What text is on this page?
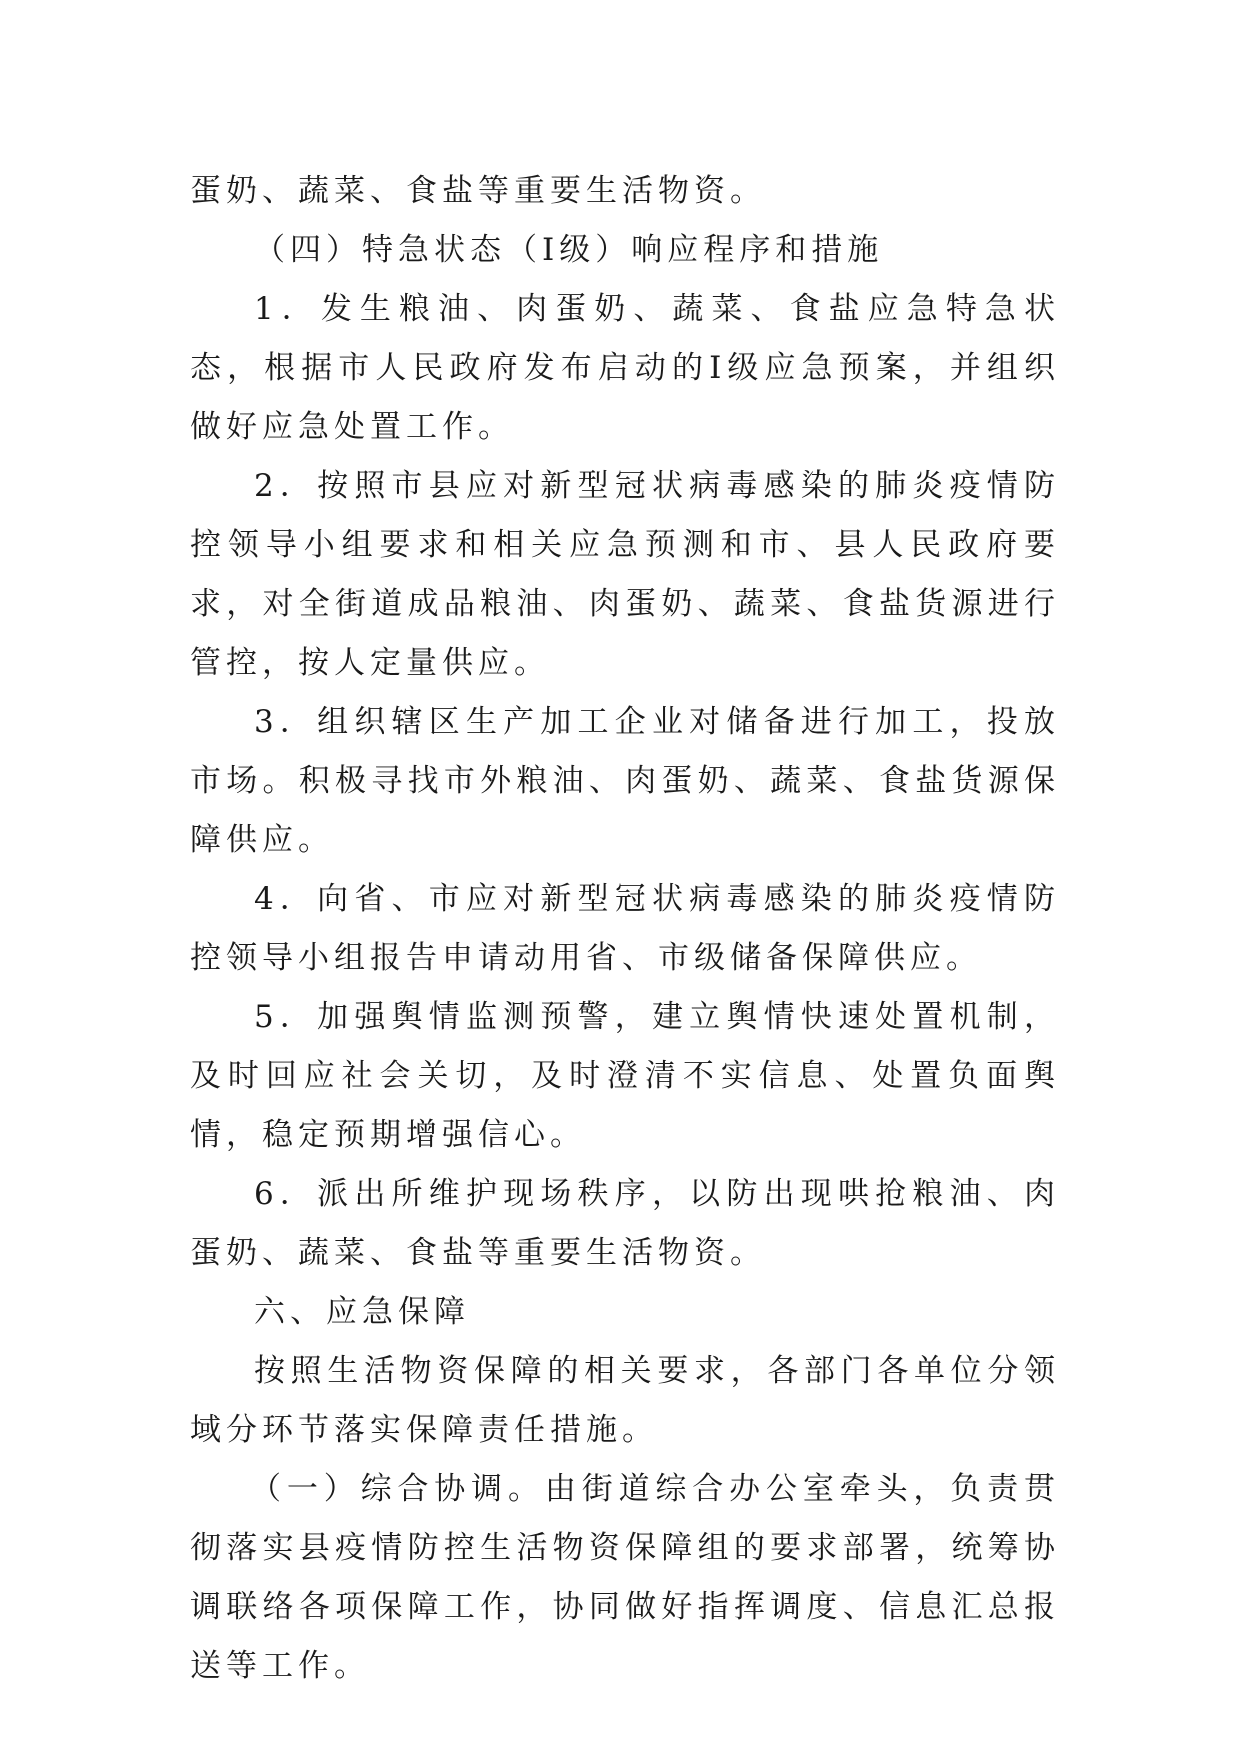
蛋奶、蔬菜、食盐等重要生活物资。

（四）特急状态（Ⅰ级）响应程序和措施

1．发生粮油、肉蛋奶、蔬菜、食盐应急特急状态，根据市人民政府发布启动的Ⅰ级应急预案，并组织做好应急处置工作。

2．按照市县应对新型冠状病毒感染的肺炎疫情防控领导小组要求和相关应急预测和市、县人民政府要求，对全街道成品粮油、肉蛋奶、蔬菜、食盐货源进行管控，按人定量供应。

3．组织辖区生产加工企业对储备进行加工，投放市场。积极寻找市外粮油、肉蛋奶、蔬菜、食盐货源保障供应。

4．向省、市应对新型冠状病毒感染的肺炎疫情防控领导小组报告申请动用省、市级储备保障供应。

5．加强舆情监测预警，建立舆情快速处置机制，及时回应社会关切，及时澄清不实信息、处置负面舆情，稳定预期增强信心。

6．派出所维护现场秩序，以防出现哄抢粮油、肉蛋奶、蔬菜、食盐等重要生活物资。

六、应急保障

按照生活物资保障的相关要求，各部门各单位分领域分环节落实保障责任措施。

（一）综合协调。由街道综合办公室牵头，负责贯彻落实县疫情防控生活物资保障组的要求部署，统筹协调联络各项保障工作，协同做好指挥调度、信息汇总报送等工作。
